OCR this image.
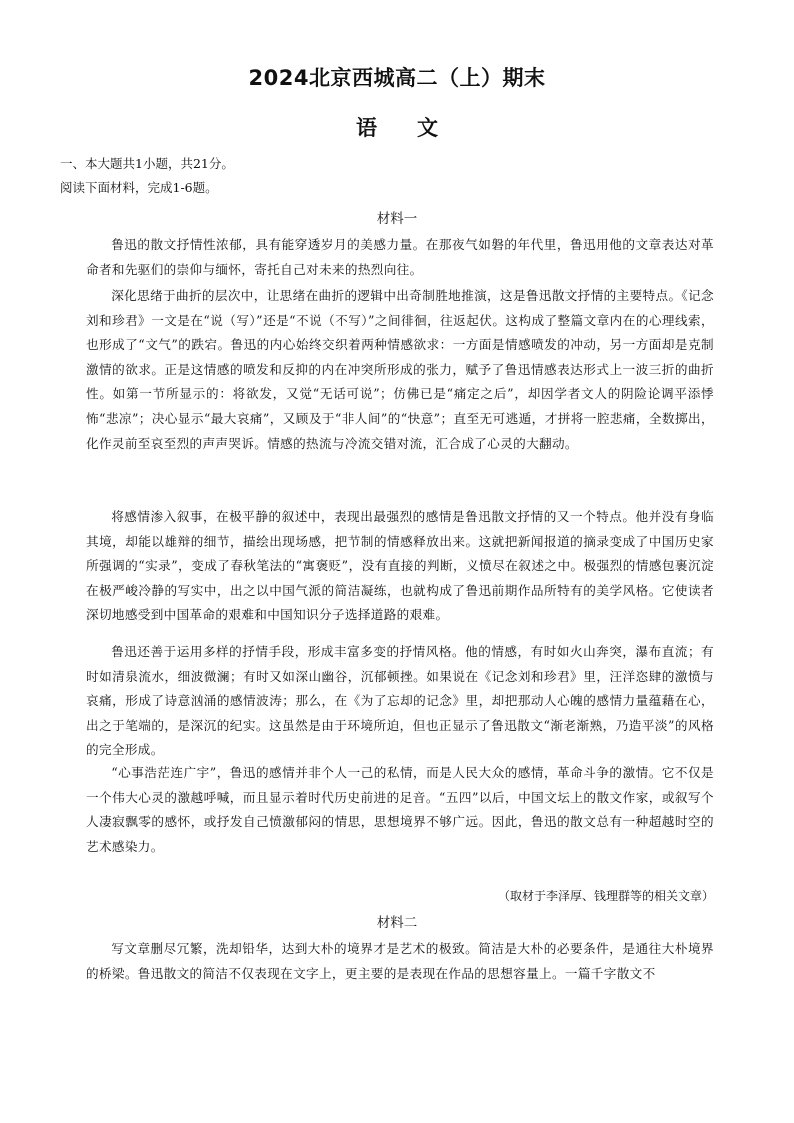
2024北京西城高二（上）期末
语文
一、本大题共1小题，共21分。
阅读下面材料，完成1-6题。
材料一
鲁迅的散文抒情性浓郁，具有能穿透岁月的美感力量。在那夜气如磐的年代里，鲁迅用他的文章表达对革命者和先驱们的崇仰与缅怀，寄托自己对未来的热烈向往。
深化思绪于曲折的层次中，让思绪在曲折的逻辑中出奇制胜地推演，这是鲁迅散文抒情的主要特点。《记念刘和珍君》一文是在“说（写）”还是“不说（不写）”之间徘徊，往返起伏。这构成了整篇文章内在的心理线索，也形成了“文气”的跌宕。鲁迅的内心始终交织着两种情感欲求：一方面是情感喷发的冲动，另一方面却是克制激情的欲求。正是这情感的喷发和反抑的内在冲突所形成的张力，赋予了鲁迅情感表达形式上一波三折的曲折性。如第一节所显示的：将欲发，又觉“无话可说”；仿佛已是“痛定之后”，却因学者文人的阴险论调平添悸怖“悲凉”；决心显示“最大哀痛”，又顾及于“非人间”的“快意”；直至无可逃遁，才拼将一腔悲痛，全数掷出，化作灵前至哀至烈的声声哭诉。情感的热流与冷流交错对流，汇合成了心灵的大翻动。
将感情渗入叙事，在极平静的叙述中，表现出最强烈的感情是鲁迅散文抒情的又一个特点。他并没有身临其境，却能以雄辩的细节，描绘出现场感，把节制的情感释放出来。这就把新闻报道的摘录变成了中国历史家所强调的“实录”，变成了春秋笔法的“寓褒贬”，没有直接的判断，义愤尽在叙述之中。极强烈的情感包裹沉淀在极严峻冷静的写实中，出之以中国气派的简洁凝练，也就构成了鲁迅前期作品所特有的美学风格。它使读者深切地感受到中国革命的艰难和中国知识分子选择道路的艰难。
鲁迅还善于运用多样的抒情手段，形成丰富多变的抒情风格。他的情感，有时如火山奔突，瀑布直流；有时如清泉流水，细波微澜；有时又如深山幽谷，沉郁顿挫。如果说在《记念刘和珍君》里，汪洋恣肆的激愤与哀痛，形成了诗意汹涌的感情波涛；那么，在《为了忘却的记念》里，却把那动人心魄的感情力量蕴藉在心，出之于笔端的，是深沉的纪实。这虽然是由于环境所迫，但也正显示了鲁迅散文“渐老渐熟，乃造平淡”的风格的完全形成。
“心事浩茫连广宇”，鲁迅的感情并非个人一己的私情，而是人民大众的感情，革命斗争的激情。它不仅是一个伟大心灵的激越呼喊，而且显示着时代历史前进的足音。“五四”以后，中国文坛上的散文作家，或叙写个人凄寂飘零的感怀，或抒发自己愤激郁闷的情思，思想境界不够广远。因此，鲁迅的散文总有一种超越时空的艺术感染力。
（取材于李泽厚、钱理群等的相关文章）
材料二
写文章删尽冗繁，洗却铅华，达到大朴的境界才是艺术的极致。简洁是大朴的必要条件，是通往大朴境界的桥梁。鲁迅散文的简洁不仅表现在文字上，更主要的是表现在作品的思想容量上。一篇千字散文不
